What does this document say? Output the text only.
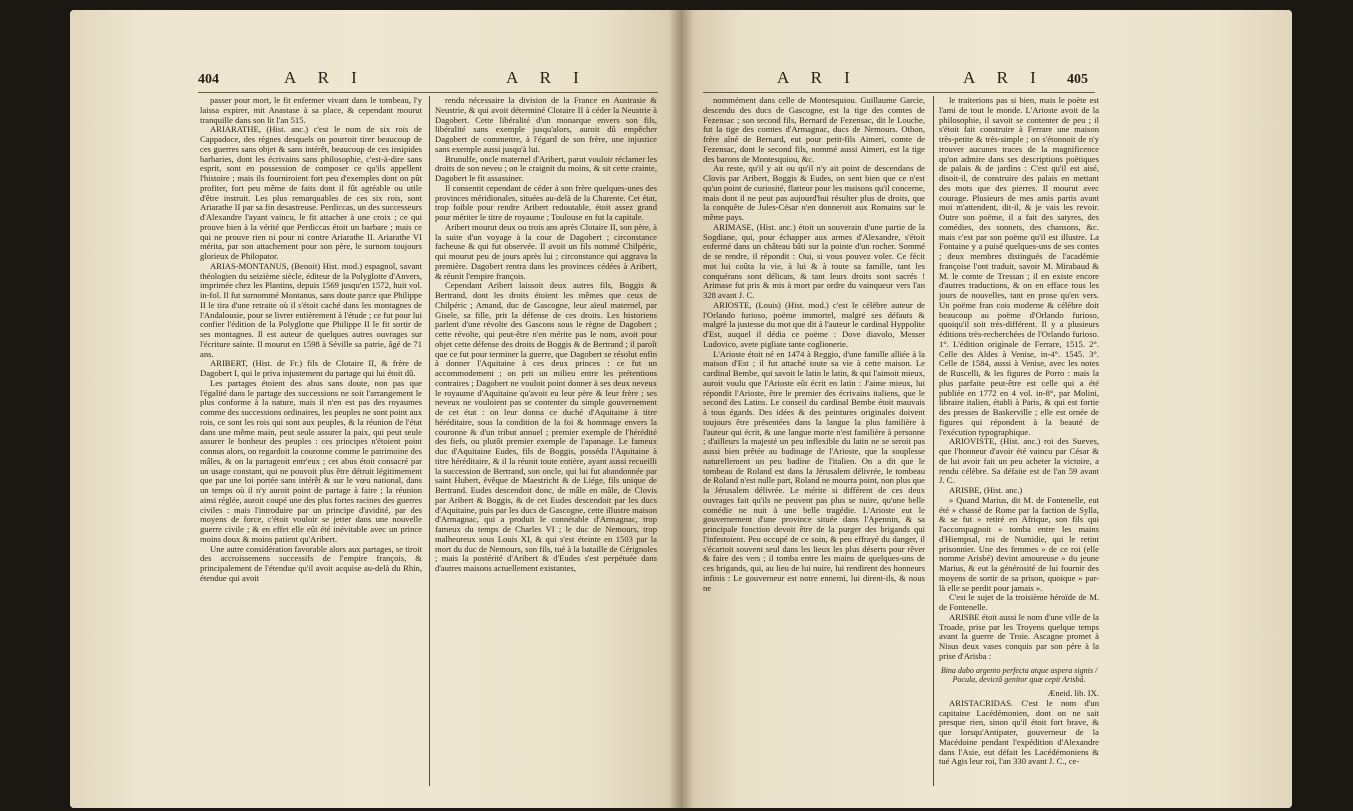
404	A R I	A R I

passer pour mort, le fit enfermer vivant dans le tombeau, l'y laissa expirer, mit Anastase à sa place, & cependant mourut tranquille dans son lit l'an 515.

ARIARATHE, (Hist. anc.) c'est le nom de six rois de Cappadoce, des règnes desquels on pourroit tirer beaucoup de ces guerres sans objet & sans intérêt, beaucoup de ces insipides barbaries, dont les écrivains sans philosophie, c'est-à-dire sans esprit, sont en possession de composer ce qu'ils appellent l'histoire ; mais ils fourniroient fort peu d'exemples dont on pût profiter, fort peu même de faits dont il fût agréable ou utile d'être instruit. Les plus remarquables de ces six rois, sont Ariarathe II par sa fin desastreuse. Perdiccas, un des successeurs d'Alexandre l'ayant vaincu, le fit attacher à une croix ; ce qui prouve bien à la vérité que Perdiccas étoit un barbare ; mais ce qui ne prouve rien ni pour ni contre Ariarathe II. Ariarathe VI mérita, par son attachement pour son père, le surnom toujours glorieux de Philopator.

ARIAS-MONTANUS, (Benoit) Hist. mod.) espagnol, savant théologien du seizième siècle, éditeur de la Polyglotte d'Anvers, imprimée chez les Plantins, depuis 1569 jusqu'en 1572, huit vol. in-fol. Il fut surnommé Montanus, sans doute parce que Philippe II le tira d'une retraite où il s'étoit caché dans les montagnes de l'Andalousie, pour se livrer entièrement à l'étude ; ce fut pour lui confier l'édition de la Polyglotte que Philippe II le fit sortir de ses montagnes. Il est auteur de quelques autres ouvrages sur l'écriture sainte. Il mourut en 1598 à Séville sa patrie, âgé de 71 ans.

ARIBERT, (Hist. de Fr.) fils de Clotaire II, & frère de Dagobert I, qui le priva injustement du partage qui lui étoit dû.

Les partages étoient des abus sans doute, non pas que l'égalité dans le partage des successions ne soit l'arrangement le plus conforme à la nature, mais il n'en est pas des royaumes comme des successions ordinaires, les peuples ne sont point aux rois, ce sont les rois qui sont aux peuples, & la réunion de l'état dans une même main, peut seule assurer la paix, qui peut seule assurer le bonheur des peuples : ces principes n'étoient point connus alors, on regardoit la couronne comme le patrimoine des mâles, & on la partageoit entr'eux ; cet abus étoit consacré par un usage constant, qui ne pouvoit plus être détruit légitimement que par une loi portée sans intérêt & sur le vœu national, dans un temps où il n'y auroit point de partage à faire ; la réunion ainsi réglée, auroit coupé une des plus fortes racines des guerres civiles : mais l'introduire par un principe d'avidité, par des moyens de force, c'étoit vouloir se jetter dans une nouvelle guerre civile ; & en effet elle eût été inévitable avec un prince moins doux & moins patient qu'Aribert.

Une autre considération favorable alors aux partages, se tiroit des accroissemens successifs de l'empire françois, & principalement de l'étendue qu'il avoit acquise au-delà du Rhin, étendue qui avoit

rendu nécessaire la division de la France en Austrasie & Neustrie, & qui avoit déterminé Clotaire II à céder la Neustrie à Dagobert. Cette libéralité d'un monarque envers son fils, libéralité sans exemple jusqu'alors, auroit dû empêcher Dagobert de commettre, à l'égard de son frère, une injustice sans exemple aussi jusqu'à lui.

Brunulfe, oncle maternel d'Aribert, parut vouloir réclamer les droits de son neveu ; on le craignit du moins, & sit cette crainte, Dagobert le fit assassiner.

Il consentit cependant de céder à son frère quelques-unes des provinces méridionales, situées au-delà de la Charente. Cet état, trop foible pour rendre Aribert redoutable, étoit assez grand pour mériter le titre de royaume ; Toulouse en fut la capitale.

Aribert mourut deux ou trois ans après Clotaire II, son père, à la suite d'un voyage à la cour de Dagobert ; circonstance facheuse & qui fut observée. Il avoit un fils nommé Chilpéric, qui mourut peu de jours après lui ; circonstance qui aggrava la première. Dagobert rentra dans les provinces cédées à Aribert, & réunit l'empire françois.

Cependant Aribert laissoit deux autres fils, Boggis & Bertrand, dont les droits étoient les mêmes que ceux de Chilpéric ; Amand, duc de Gascogne, leur aïeul maternel, par Gisele, sa fille, prit la défense de ces droits. Les historiens parlent d'une révolte des Gascons sous le règne de Dagobert ; cette révolte, qui peut-être n'en mérite pas le nom, avoit pour objet cette défense des droits de Boggis & de Bertrand ; il paroît que ce fut pour terminer la guerre, que Dagobert se résolut enfin à donner l'Aquitaine à ces deux princes : ce fut un accommodement ; on prit un milieu entre les prétentions contraires ; Dagobert ne vouloit point donner à ses deux neveux le royaume d'Aquitaine qu'avoit eu leur père & leur frère ; ses neveux ne vouloient pas se contenter du simple gouvernement de cet état : on leur donna ce duché d'Aquitaine à titre héréditaire, sous la condition de la foi & hommage envers la couronne & d'un tribut annuel ; premier exemple de l'hérédité des fiefs, ou plutôt premier exemple de l'apanage. Le fameux duc d'Aquitaine Eudes, fils de Boggis, posséda l'Aquitaine à titre héréditaire, & il la réunit toute entière, ayant aussi recueilli la succession de Bertrand, son oncle, qui lui fut abandonnée par saint Hubert, évêque de Maestricht & de Liége, fils unique de Bertrand. Eudes descendoit donc, de mâle en mâle, de Clovis par Aribert & Boggis, & de cet Eudes descendoit par les ducs d'Aquitaine, puis par les ducs de Gascogne, cette illustre maison d'Armagnac, qui a produit le connétable d'Armagnac, trop fameux du temps de Charles VI ; le duc de Nemours, trop malheureux sous Louis XI, & qui s'est éteinte en 1503 par la mort du duc de Nemours, son fils, tué à la bataille de Cérignoles ; mais la postérité d'Aribert & d'Eudes s'est perpétuée dans d'autres maisons actuellement existantes,

A R I	A R I 405

nommément dans celle de Montesquiou. Guillaume Garcie, descendu des ducs de Gascogne, est la tige des comtes de Fezensac ; son second fils, Bernard de Fezensac, dit le Louche, fut la tige des comtes d'Armagnac, ducs de Nemours. Othon, frère aîné de Bernard, eut pour petit-fils Aimeri, comte de Fezensac, dont le second fils, nommé aussi Aimeri, est la tige des barons de Montesquiou, &c.

Au reste, qu'il y ait ou qu'il n'y ait point de descendans de Clovis par Aribert, Boggis & Eudes, on sent bien que ce n'est qu'un point de curiosité, flatteur pour les maisons qu'il concerne, mais dont il ne peut pas aujourd'hui résulter plus de droits, que la conquête de Jules-César n'en donneroit aux Romains sur le même pays.

ARIMASE, (Hist. anc.) étoit un souverain d'une partie de la Sogdiane, qui, pour échapper aux armes d'Alexandre, s'étoit enfermé dans un château bâti sur la pointe d'un rocher. Sommé de se rendre, il répondit : Oui, si vous pouvez voler. Ce fécit mot lui coûta la vie, à lui & à toute sa famille, tant les conquérans sont délicats, & tant leurs droits sont sacrés ! Arimase fut pris & mis à mort par ordre du vainqueur vers l'an 328 avant J. C.

ARIOSTE, (Louis) (Hist. mod.) c'est le célèbre auteur de l'Orlando furioso, poëme immortel, malgré ses défauts & malgré la justesse du mot que dit à l'auteur le cardinal Hyppolite d'Est, auquel il dédia ce poëme : Dove diavolo, Messer Ludovico, avete pigliate tante coglionerie.

L'Arioste étoit né en 1474 à Reggio, d'une famille alliée à la maison d'Est ; il fut attaché toute sa vie à cette maison. Le cardinal Bembe, qui savoit le latin le latin, & qui l'aimoit mieux, auroit voulu que l'Arioste eût écrit en latin : J'aime mieux, lui répondit l'Arioste, être le premier des écrivains italiens, que le second des Latins. Le conseil du cardinal Bembe étoit mauvais à tous égards. Des idées & des peintures originales doivent toujours être présentées dans la langue la plus familière à l'auteur qui écrit, & une langue morte n'est familière à personne ; d'ailleurs la majesté un peu inflexible du latin ne se seroit pas aussi bien prêtée au badinage de l'Arioste, que la souplesse naturellement un peu badine de l'italien. On a dit que le tombeau de Roland est dans la Jérusalem délivrée, le tombeau de Roland n'est nulle part, Roland ne mourra point, non plus que la Jérusalem délivrée. Le mérite si différent de ces deux ouvrages fait qu'ils ne peuvent pas plus se nuire, qu'une belle comédie ne nuit à une belle tragédie. L'Arioste eut le gouvernement d'une province située dans l'Apennin, & sa principale fonction devoit être de la purger des brigands qui l'infestoient. Peu occupé de ce soin, & peu effrayé du danger, il s'écartoit souvent seul dans les lieux les plus déserts pour rêver & faire des vers ; il tomba entre les mains de quelques-uns de ces brigands, qui, au lieu de lui nuire, lui rendirent des honneurs infinis : Le gouverneur est notre ennemi, lui dirent-ils, & nous ne

le traiterions pas si bien, mais le poète est l'ami de tout le monde. L'Arioste avoit de la philosophie, il savoit se contenter de peu ; il s'étoit fait construire à Ferrare une maison très-petite & très-simple ; on s'étonnoit de n'y trouver aucunes traces de la magnificence qu'on admire dans ses descriptions poëtiques de palais & de jardins : C'est qu'il est aisé, disoit-il, de construire des palais en mettant des mots que des pierres. Il mourut avec courage. Plusieurs de mes amis partis avant moi m'attendent, dit-il, & je vais les revoir. Outre son poëme, il a fait des satyres, des comédies, des sonnets, des chansons, &c. mais c'est par son poëme qu'il est illustre. La Fontaine y a puisé quelques-uns de ses contes ; deux membres distingués de l'académie françoise l'ont traduit, savoir M. Mirabaud & M. le comte de Tressan ; il en existe encore d'autres traductions, & on en efface tous les jours de nouvelles, tant en prose qu'en vers. Un poëme fran cois moderne & célèbre doit beaucoup au poëme d'Orlando furioso, quoiqu'il soit très-différent. Il y a plusieurs éditions très-recherchées de l'Orlando furioso. 1°. L'édition originale de Ferrare, 1515. 2°. Celle des Aldes à Venise, in-4°. 1545. 3°. Celle de 1584, aussi à Venise, avec les notes de Ruscelli, & les figures de Porro : mais la plus parfaite peut-être est celle qui a été publiée en 1772 en 4 vol. in-8°, par Molini, libraire italien, établi à Paris, & qui est fortie des presses de Baskerville ; elle est ornée de figures qui répondent à la beauté de l'exécution typographique.

ARIOVISTE, (Hist. anc.) roi des Sueves, que l'honneur d'avoir été vaincu par César & de lui avoir fait un peu acheter la victoire, a rendu célèbre. Sa défaite est de l'an 59 avant J. C.

ARISBE, (Hist. anc.)

» Quand Marius, dit M. de Fontenelle, eut été » chassé de Rome par la faction de Sylla, & se fut » retiré en Afrique, son fils qui l'accompagnoit » tomba entre les mains d'Hiempsal, roi de Numidie, qui le retint prisonnier. Une des femmes » de ce roi (elle nomme Arisbé) devint amoureuse » du jeune Marius, & eut la générosité de lui fournir des moyens de sortir de sa prison, quoique » par-là elle se perdit pour jamais ».

C'est le sujet de la troisième héroïde de M. de Fontenelle.

ARISBE étoit aussi le nom d'une ville de la Troade, prise par les Troyens quelque temps avant la guerre de Troie. Ascagne promet à Nisus deux vases conquis par son père à la prise d'Arisba :

Bina dabo argento perfecta atque aspera signis / Pocula, devictâ genitor quæ cepit Arisbâ.

Æneid. lib. IX.

ARISTACRIDAS. C'est le nom d'un capitaine Lacédémonien, dont on ne sait presque rien, sinon qu'il étoit fort brave, & que lorsqu'Antipater, gouverneur de la Macédoine pendant l'expédition d'Alexandre dans l'Asie, eut défait les Lacédémoniens & tué Agis leur roi, l'an 330 avant J. C., ce-
